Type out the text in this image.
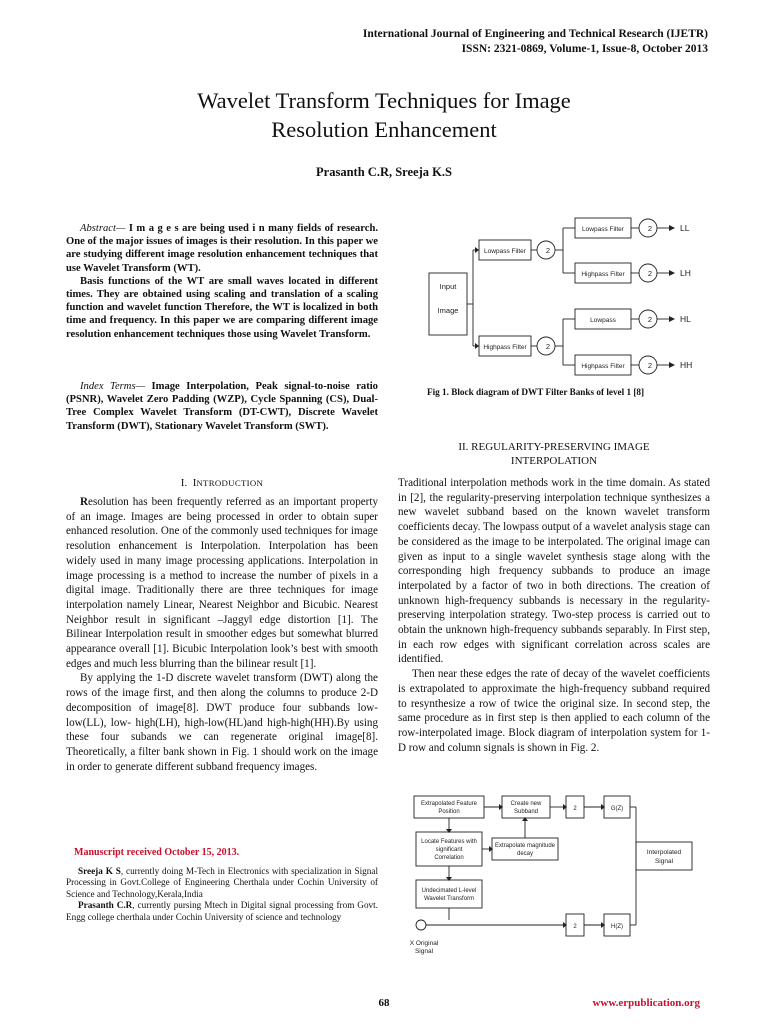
International Journal of Engineering and Technical Research (IJETR)
ISSN: 2321-0869, Volume-1, Issue-8, October 2013
Wavelet Transform Techniques for Image
Resolution Enhancement
Prasanth C.R, Sreeja K.S

Abstract— I m a g e s are being used i n many fields of research. One of the major issues of images is their resolution. In this paper we are studying different image resolution enhancement techniques that use Wavelet Transform (WT).

Basis functions of the WT are small waves located in different times. They are obtained using scaling and translation of a scaling function and wavelet function Therefore, the WT is localized in both time and frequency. In this paper we are comparing different image resolution enhancement techniques those using Wavelet Transform.

Index Terms— Image Interpolation, Peak signal-to-noise ratio (PSNR), Wavelet Zero Padding (WZP), Cycle Spanning (CS), Dual-Tree Complex Wavelet Transform (DT-CWT), Discrete Wavelet Transform (DWT), Stationary Wavelet Transform (SWT).
I. INTRODUCTION

Resolution has been frequently referred as an important property of an image. Images are being processed in order to obtain super enhanced resolution. One of the commonly used techniques for image resolution enhancement is Interpolation. Interpolation has been widely used in many image processing applications. Interpolation in image processing is a method to increase the number of pixels in a digital image. Traditionally there are three techniques for image interpolation namely Linear, Nearest Neighbor and Bicubic. Nearest Neighbor result in significant ‒Jaggyǁ edge distortion [1]. The Bilinear Interpolation result in smoother edges but somewhat blurred appearance overall [1]. Bicubic Interpolation look’s best with smooth edges and much less blurring than the bilinear result [1].

By applying the 1-D discrete wavelet transform (DWT) along the rows of the image first, and then along the columns to produce 2-D decomposition of image[8]. DWT produce four subbands low-low(LL), low- high(LH), high-low(HL)and high-high(HH).By using these four subands we can regenerate original image[8]. Theoretically, a filter bank shown in Fig. 1 should work on the image in order to generate different subband frequency images.

Manuscript received October 15, 2013.

Sreeja K S, currently doing M-Tech in Electronics with specialization in Signal Processing in Govt.College of Engineering Cherthala under Cochin University of Science and Technology,Kerala,India

Prasanth C.R, currently pursing Mtech in Digital signal processing from Govt. Engg college cherthala under Cochin University of science and technology

Input
Image
Lowpass Filter
Highpass Filter
Lowpass Filter
Highpass Filter
Lowpass
Highpass Filter
2
2
2
2
2
2
LL
LH
HL
HH
Fig 1. Block diagram of DWT Filter Banks of level 1 [8]
II. REGULARITY-PRESERVING IMAGE
INTERPOLATION

Traditional interpolation methods work in the time domain. As stated in [2], the regularity-preserving interpolation technique synthesizes a new wavelet subband based on the known wavelet transform coefficients decay. The lowpass output of a wavelet analysis stage can be considered as the image to be interpolated. The original image can given as input to a single wavelet synthesis stage along with the corresponding high frequency subbands to produce an image interpolated by a factor of two in both directions. The creation of unknown high-frequency subbands is necessary in the regularity-preserving interpolation strategy. Two-step process is carried out to obtain the unknown high-frequency subbands separably. In First step, in each row edges with significant correlation across scales are identified.

Then near these edges the rate of decay of the wavelet coefficients is extrapolated to approximate the high-frequency subband required to resynthesize a row of twice the original size. In second step, the same procedure as in first step is then applied to each column of the row-interpolated image. Block diagram of interpolation system for 1-D row and column signals is shown in Fig. 2.

Extrapolated Feature
Position
Create new
Subband	2	G(Z)
Locate Features with
significant
Correlation
Extrapolate magnitude
decay	Interpolated
Signal
Undecimated L-level
Wavelet Transform
2	H(Z)
X Original
Signal
68	www.erpublication.org
